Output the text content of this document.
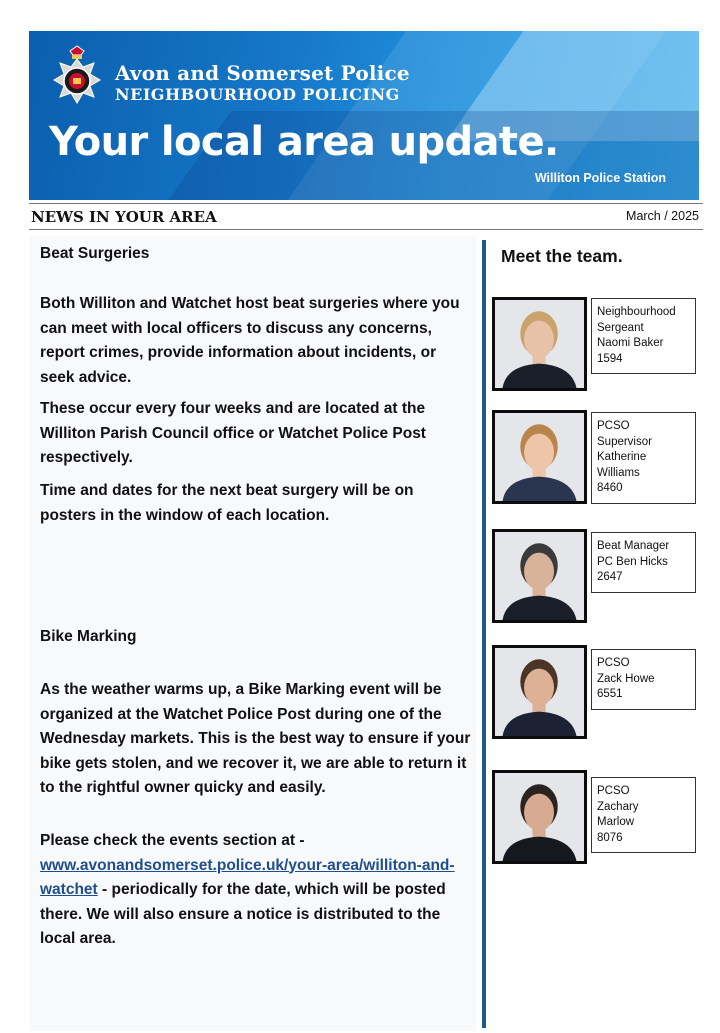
Avon and Somerset Police
NEIGHBOURHOOD POLICING
Your local area update.
Williton Police Station
NEWS IN YOUR AREA	March / 2025
Beat Surgeries
Both Williton and Watchet host beat surgeries where you can meet with local officers to discuss any concerns, report crimes, provide information about incidents, or seek advice.
These occur every four weeks and are located at the Williton Parish Council office or Watchet Police Post respectively.
Time and dates for the next beat surgery will be on posters in the window of each location.
Bike Marking
As the weather warms up, a Bike Marking event will be organized at the Watchet Police Post during one of the Wednesday markets. This is the best way to ensure if your bike gets stolen, and we recover it, we are able to return it to the rightful owner quicky and easily.
Please check the events section at - www.avonandsomerset.police.uk/your-area/williton-and-watchet - periodically for the date, which will be posted there. We will also ensure a notice is distributed to the local area.
Meet the team.
Neighbourhood
Sergeant
Naomi Baker
1594
PCSO
Supervisor
Katherine
Williams
8460
Beat Manager
PC Ben Hicks
2647
PCSO
Zack Howe
6551
PCSO
Zachary
Marlow
8076
